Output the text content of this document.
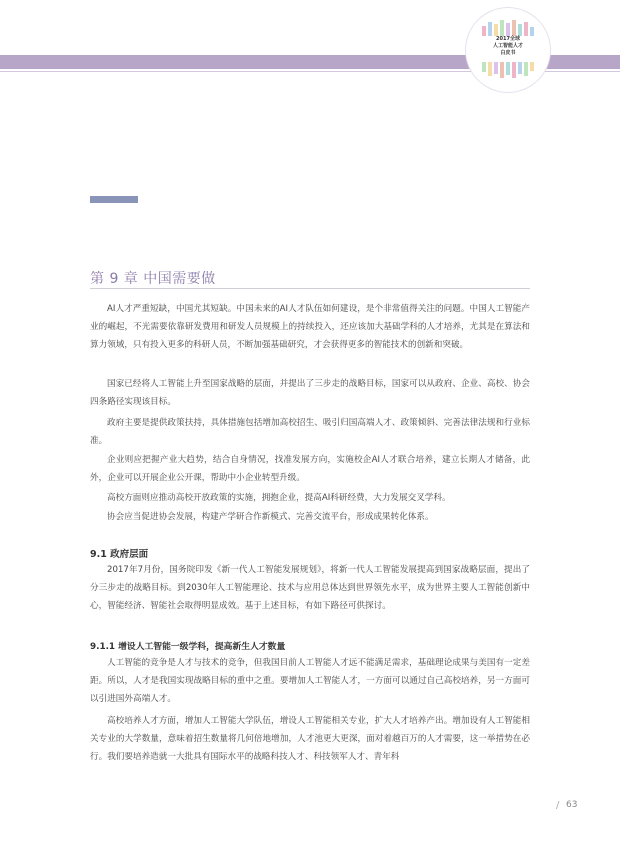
2017全球
人工智能人才
白皮书
第 9 章 中国需要做

AI人才严重短缺，中国尤其短缺。中国未来的AI人才队伍如何建设，是个非常值得关注的问题。中国人工智能产业的崛起，不光需要依靠研发费用和研发人员规模上的持续投入，还应该加大基础学科的人才培养，尤其是在算法和算力领域，只有投入更多的科研人员，不断加强基础研究，才会获得更多的智能技术的创新和突破。

国家已经将人工智能上升至国家战略的层面，并提出了三步走的战略目标，国家可以从政府、企业、高校、协会四条路径实现该目标。

政府主要是提供政策扶持，具体措施包括增加高校招生、吸引归国高端人才、政策倾斜、完善法律法规和行业标准。

企业则应把握产业大趋势，结合自身情况，找准发展方向，实施校企AI人才联合培养，建立长期人才储备，此外，企业可以开展企业公开课，帮助中小企业转型升级。

高校方面则应推动高校开放政策的实施，拥抱企业，提高AI科研经费，大力发展交叉学科。

协会应当促进协会发展，构建产学研合作新模式、完善交流平台，形成成果转化体系。

9.1 政府层面

2017年7月份，国务院印发《新一代人工智能发展规划》，将新一代人工智能发展提高到国家战略层面，提出了分三步走的战略目标。到2030年人工智能理论、技术与应用总体达到世界领先水平，成为世界主要人工智能创新中心，智能经济、智能社会取得明显成效。基于上述目标，有如下路径可供探讨。

9.1.1 增设人工智能一级学科，提高新生人才数量

人工智能的竞争是人才与技术的竞争，但我国目前人工智能人才远不能满足需求，基础理论成果与美国有一定差距。所以，人才是我国实现战略目标的重中之重。要增加人工智能人才，一方面可以通过自己高校培养，另一方面可以引进国外高端人才。

高校培养人才方面，增加人工智能大学队伍，增设人工智能相关专业，扩大人才培养产出。增加设有人工智能相关专业的大学数量，意味着招生数量将几何倍地增加，人才池更大更深，面对着越百万的人才需要，这一举措势在必行。我们要培养造就一大批具有国际水平的战略科技人才、科技领军人才、青年科

/ 63
